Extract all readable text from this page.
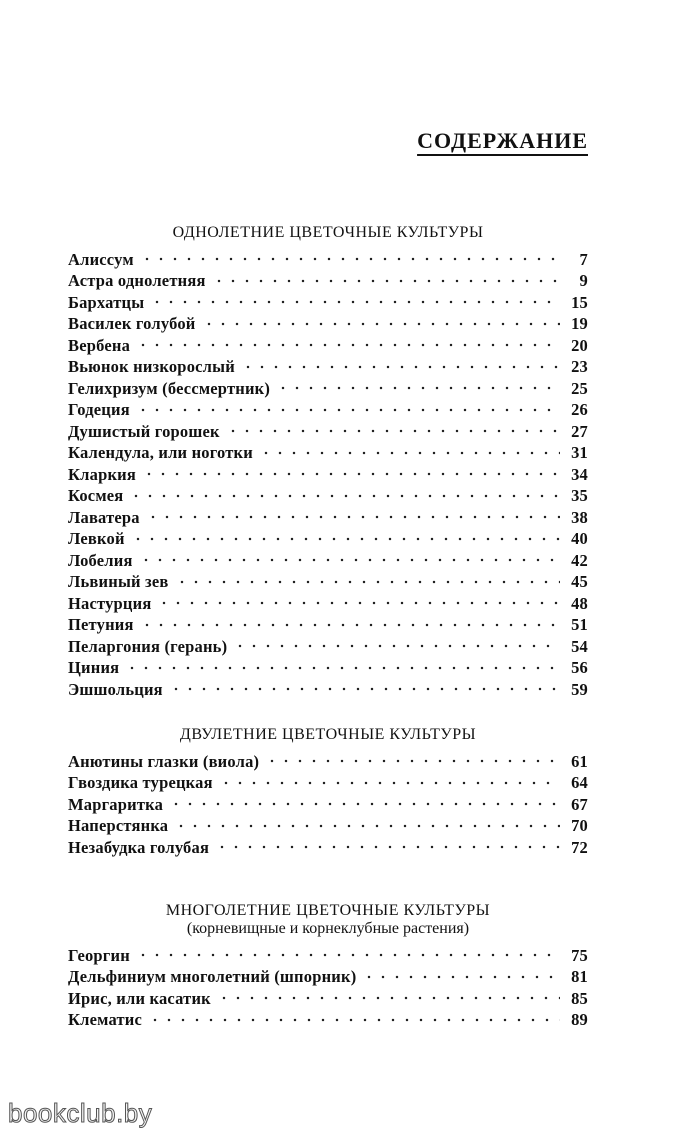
СОДЕРЖАНИЕ
ОДНОЛЕТНИЕ ЦВЕТОЧНЫЕ КУЛЬТУРЫ
Алиссум	7
Астра однолетняя	9
Бархатцы	15
Василек голубой	19
Вербена	20
Вьюнок низкорослый	23
Гелихризум (бессмертник)	25
Годеция	26
Душистый горошек	27
Календула, или ноготки	31
Кларкия	34
Космея	35
Лаватера	38
Левкой	40
Лобелия	42
Львиный зев	45
Настурция	48
Петуния	51
Пеларгония (герань)	54
Циния	56
Эшшольция	59
ДВУЛЕТНИЕ ЦВЕТОЧНЫЕ КУЛЬТУРЫ
Анютины глазки (виола)	61
Гвоздика турецкая	64
Маргаритка	67
Наперстянка	70
Незабудка голубая	72
МНОГОЛЕТНИЕ ЦВЕТОЧНЫЕ КУЛЬТУРЫ
(корневищные и корнеклубные растения)
Георгин	75
Дельфиниум многолетний (шпорник)	81
Ирис, или касатик	85
Клематис	89
bookclub.by
